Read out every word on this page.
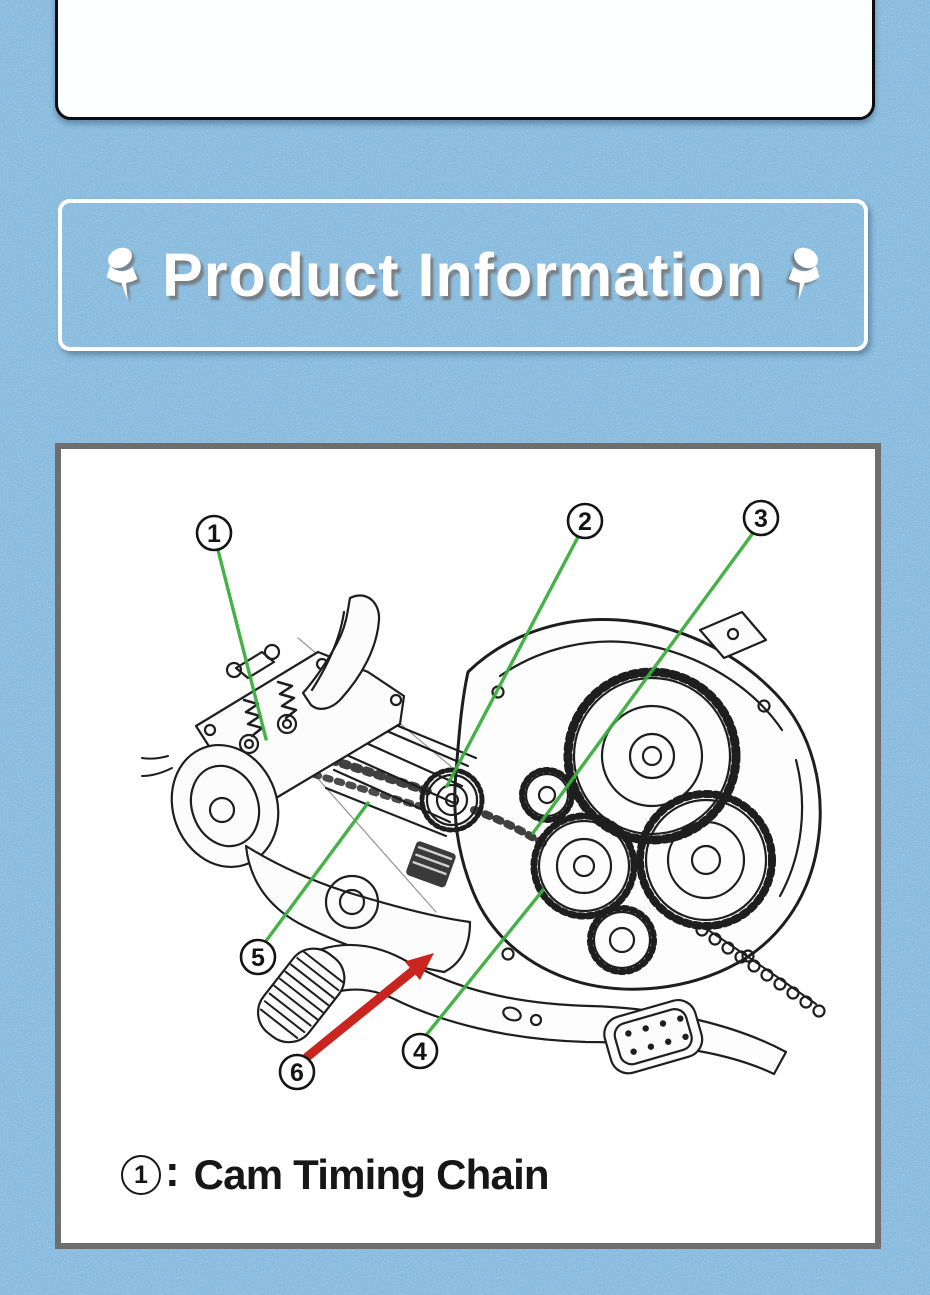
Product Information
1	2	3
4
5
6
1 : Cam Timing Chain
